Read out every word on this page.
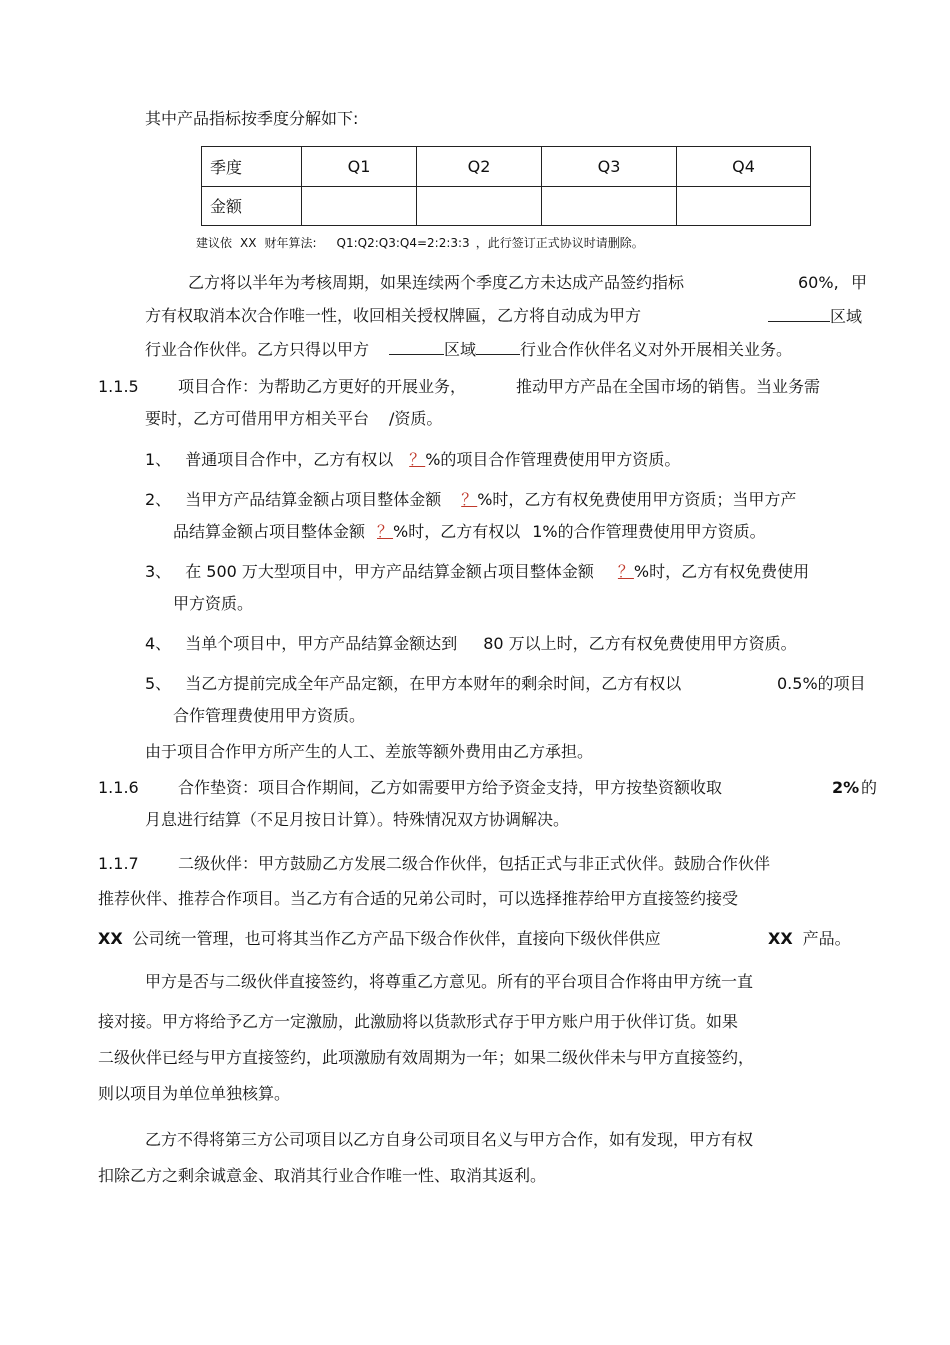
其中产品指标按季度分解如下:
季度	Q1	Q2	Q3	Q4
金额				
建议依 XX 财年算法: Q1:Q2:Q3:Q4=2:2:3:3 ，此行签订正式协议时请删除。
乙方将以半年为考核周期，如果连续两个季度乙方未达成产品签约指标	60%, 甲
方有权取消本次合作唯一性，收回相关授权牌匾，乙方将自动成为甲方	区域
行业合作伙伴。乙方只得以甲方	区域	行业合作伙伴名义对外开展相关业务。
1.1.5 项目合作：为帮助乙方更好的开展业务，	推动甲方产品在全国市场的销售。当业务需
要时，乙方可借用甲方相关平台 /资质。
1、 普通项目合作中，乙方有权以 ？%的项目合作管理费使用甲方资质。
2、 当甲方产品结算金额占项目整体金额 ？%时，乙方有权免费使用甲方资质；当甲方产
品结算金额占项目整体金额 ？%时，乙方有权以 1%的合作管理费使用甲方资质。
3、 在 500 万大型项目中，甲方产品结算金额占项目整体金额 ？%时，乙方有权免费使用
甲方资质。
4、 当单个项目中，甲方产品结算金额达到 80 万以上时，乙方有权免费使用甲方资质。
5、 当乙方提前完成全年产品定额，在甲方本财年的剩余时间，乙方有权以	0.5%的项目
合作管理费使用甲方资质。
由于项目合作甲方所产生的人工、差旅等额外费用由乙方承担。
1.1.6 合作垫资：项目合作期间，乙方如需要甲方给予资金支持，甲方按垫资额收取	2% 的
月息进行结算（不足月按日计算）。特殊情况双方协调解决。
1.1.7 二级伙伴：甲方鼓励乙方发展二级合作伙伴，包括正式与非正式伙伴。鼓励合作伙伴
推荐伙伴、推荐合作项目。当乙方有合适的兄弟公司时，可以选择推荐给甲方直接签约接受
XX 公司统一管理，也可将其当作乙方产品下级合作伙伴，直接向下级伙伴供应	XX 产品。
甲方是否与二级伙伴直接签约，将尊重乙方意见。所有的平台项目合作将由甲方统一直
接对接。甲方将给予乙方一定激励，此激励将以货款形式存于甲方账户用于伙伴订货。如果
二级伙伴已经与甲方直接签约，此项激励有效周期为一年；如果二级伙伴未与甲方直接签约，
则以项目为单位单独核算。
乙方不得将第三方公司项目以乙方自身公司项目名义与甲方合作，如有发现，甲方有权
扣除乙方之剩余诚意金、取消其行业合作唯一性、取消其返利。
